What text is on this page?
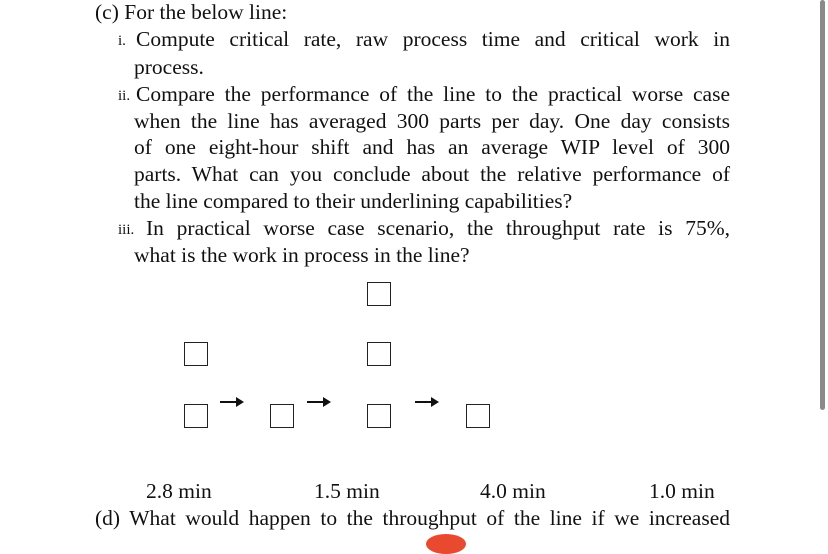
(c) For the below line:
i. Compute critical rate, raw process time and critical work in
process.
ii. Compare the performance of the line to the practical worse case
when the line has averaged 300 parts per day. One day consists
of one eight-hour shift and has an average WIP level of 300
parts. What can you conclude about the relative performance of
the line compared to their underlining capabilities?
iii. In practical worse case scenario, the throughput rate is 75%,
what is the work in process in the line?
2.8 min	1.5 min	4.0 min	1.0 min
(d) What would happen to the throughput of the line if we increased
